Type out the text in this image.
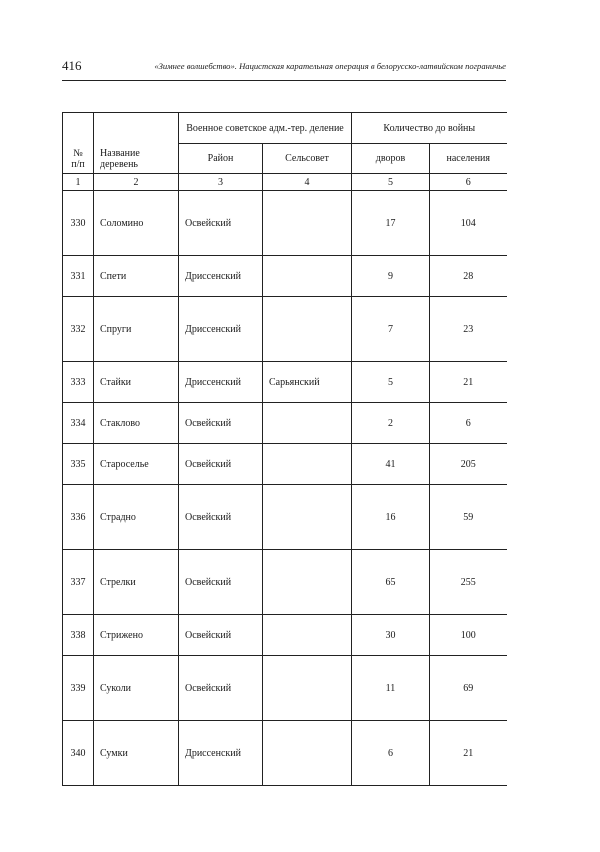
416	«Зимнее волшебство». Нацистская карательная операция в белорусско-латвийском пограничье
№ п/п	Название деревень	Военное советское адм.-тер. деление		Количество до войны	
		Район	Сельсовет	дворов	населения
1	2	3	4	5	6
330	Соломино	Освейский		17	104
331	Спети	Дриссенский		9	28
332	Спруги	Дриссенский		7	23
333	Стайки	Дриссенский	Сарьянский	5	21
334	Стаклово	Освейский		2	6
335	Староселье	Освейский		41	205
336	Страдно	Освейский		16	59
337	Стрелки	Освейский		65	255
338	Стрижено	Освейский		30	100
339	Суколи	Освейский		11	69
340	Сумки	Дриссенский		6	21
